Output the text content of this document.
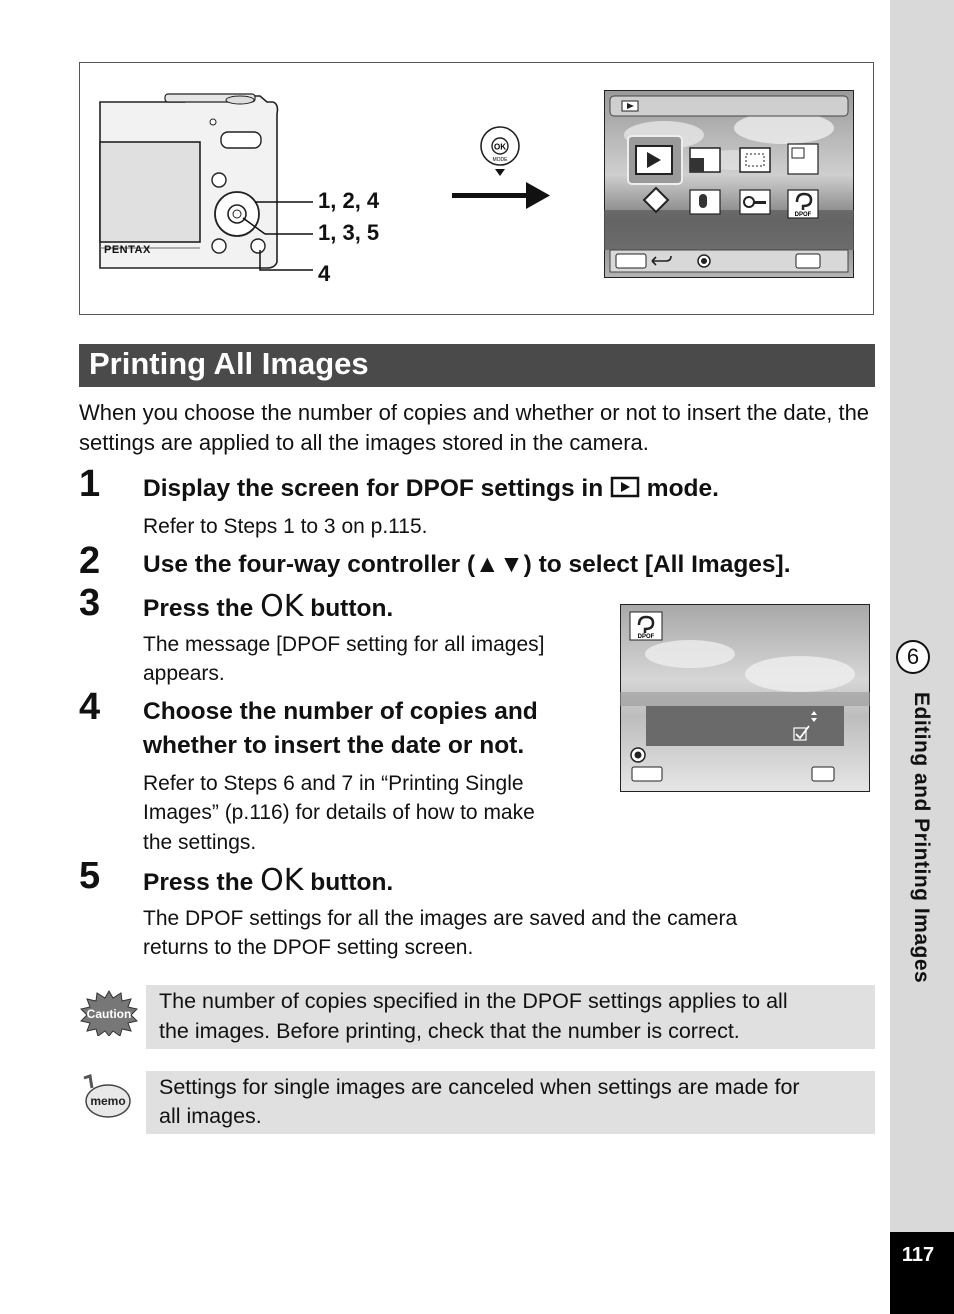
6
Editing and Printing Images
117
PENTAX
1, 2, 4
1, 3, 5
4
OK
MODE
DPOF
Printing All Images
When you choose the number of copies and whether or not to insert the date, the settings are applied to all the images stored in the camera.
1 Display the screen for DPOF settings in  mode.
Refer to Steps 1 to 3 on p.115.
2 Use the four-way controller (▲▼) to select [All Images].
3 Press the OK button.
The message [DPOF setting for all images]
appears.
4 Choose the number of copies and
whether to insert the date or not.
Refer to Steps 6 and 7 in “Printing Single
Images” (p.116) for details of how to make
the settings.
DPOF
5 Press the OK button.
The DPOF settings for all the images are saved and the camera
returns to the DPOF setting screen.
Caution
The number of copies specified in the DPOF settings applies to all
the images. Before printing, check that the number is correct.
memo
Settings for single images are canceled when settings are made for
all images.
